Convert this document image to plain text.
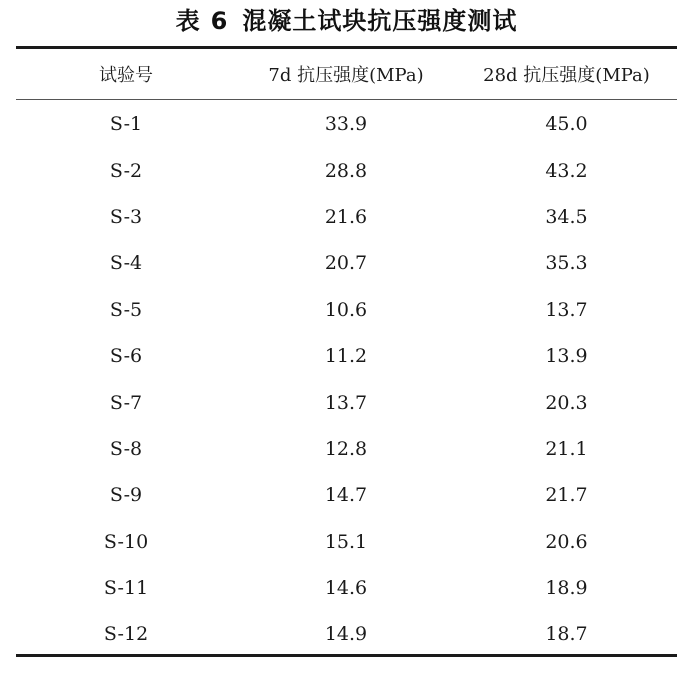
表 6 混凝土试块抗压强度测试
试验号	7d 抗压强度(MPa)	28d 抗压强度(MPa)
S-1	33.9	45.0
S-2	28.8	43.2
S-3	21.6	34.5
S-4	20.7	35.3
S-5	10.6	13.7
S-6	11.2	13.9
S-7	13.7	20.3
S-8	12.8	21.1
S-9	14.7	21.7
S-10	15.1	20.6
S-11	14.6	18.9
S-12	14.9	18.7
